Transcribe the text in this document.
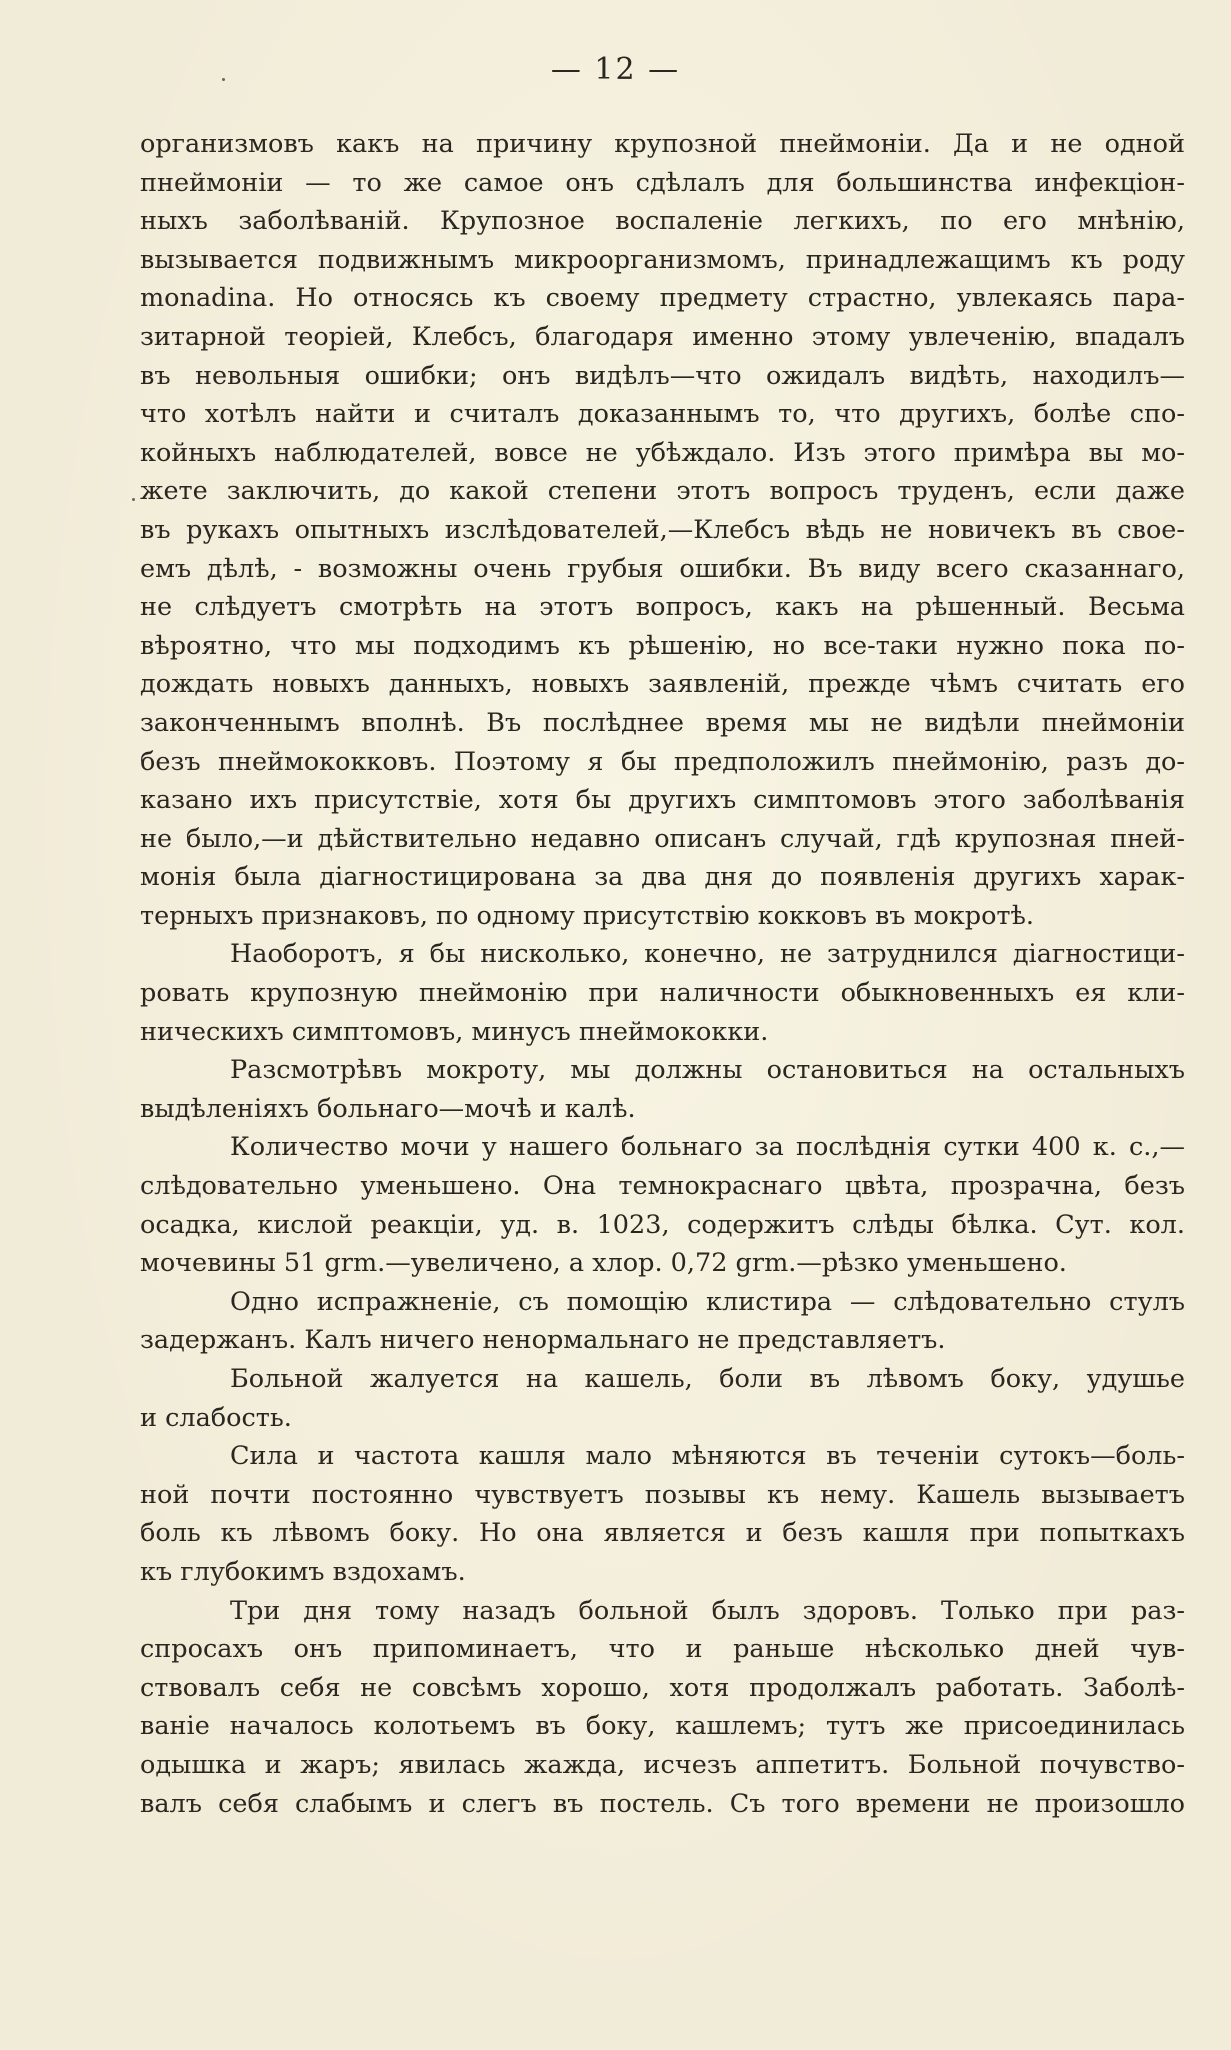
— 12 —
организмовъ какъ на причину крупозной пнеймоніи. Да и не одной
пнеймоніи — то же самое онъ сдѣлалъ для большинства инфекціон-
ныхъ заболѣваній. Крупозное воспаленіе легкихъ, по его мнѣнію,
вызывается подвижнымъ микроорганизмомъ, принадлежащимъ къ роду
monadina. Но относясь къ своему предмету страстно, увлекаясь пара-
зитарной теоріей, Клебсъ, благодаря именно этому увлеченію, впадалъ
въ невольныя ошибки; онъ видѣлъ—что ожидалъ видѣть, находилъ—
что хотѣлъ найти и считалъ доказаннымъ то, что другихъ, болѣе спо-
койныхъ наблюдателей, вовсе не убѣждало. Изъ этого примѣра вы мо-
жете заключить, до какой степени этотъ вопросъ труденъ, если даже
въ рукахъ опытныхъ изслѣдователей,—Клебсъ вѣдь не новичекъ въ свое-
емъ дѣлѣ, - возможны очень грубыя ошибки. Въ виду всего сказаннаго,
не слѣдуетъ смотрѣть на этотъ вопросъ, какъ на рѣшенный. Весьма
вѣроятно, что мы подходимъ къ рѣшенію, но все-таки нужно пока по-
дождать новыхъ данныхъ, новыхъ заявленій, прежде чѣмъ считать его
законченнымъ вполнѣ. Въ послѣднее время мы не видѣли пнеймоніи
безъ пнеймококковъ. Поэтому я бы предположилъ пнеймонію, разъ до-
казано ихъ присутствіе, хотя бы другихъ симптомовъ этого заболѣванія
не было,—и дѣйствительно недавно описанъ случай, гдѣ крупозная пней-
монія была діагностицирована за два дня до появленія другихъ харак-
терныхъ признаковъ, по одному присутствію кокковъ въ мокротѣ.
Наоборотъ, я бы нисколько, конечно, не затруднился діагностици-
ровать крупозную пнеймонію при наличности обыкновенныхъ ея кли-
ническихъ симптомовъ, минусъ пнеймококки.
Разсмотрѣвъ мокроту, мы должны остановиться на остальныхъ
выдѣленіяхъ больнаго—мочѣ и калѣ.
Количество мочи у нашего больнаго за послѣднія сутки 400 к. с.,—
слѣдовательно уменьшено. Она темнокраснаго цвѣта, прозрачна, безъ
осадка, кислой реакціи, уд. в. 1023, содержитъ слѣды бѣлка. Сут. кол.
мочевины 51 grm.—увеличено, а хлор. 0,72 grm.—рѣзко уменьшено.
Одно испражненіе, съ помощію клистира — слѣдовательно стулъ
задержанъ. Калъ ничего ненормальнаго не представляетъ.
Больной жалуется на кашель, боли въ лѣвомъ боку, удушье
и слабость.
Сила и частота кашля мало мѣняются въ теченіи сутокъ—боль-
ной почти постоянно чувствуетъ позывы къ нему. Кашель вызываетъ
боль къ лѣвомъ боку. Но она является и безъ кашля при попыткахъ
къ глубокимъ вздохамъ.
Три дня тому назадъ больной былъ здоровъ. Только при раз-
спросахъ онъ припоминаетъ, что и раньше нѣсколько дней чув-
ствовалъ себя не совсѣмъ хорошо, хотя продолжалъ работать. Заболѣ-
ваніе началось колотьемъ въ боку, кашлемъ; тутъ же присоединилась
одышка и жаръ; явилась жажда, исчезъ аппетитъ. Больной почувство-
валъ себя слабымъ и слегъ въ постель. Съ того времени не произошло
